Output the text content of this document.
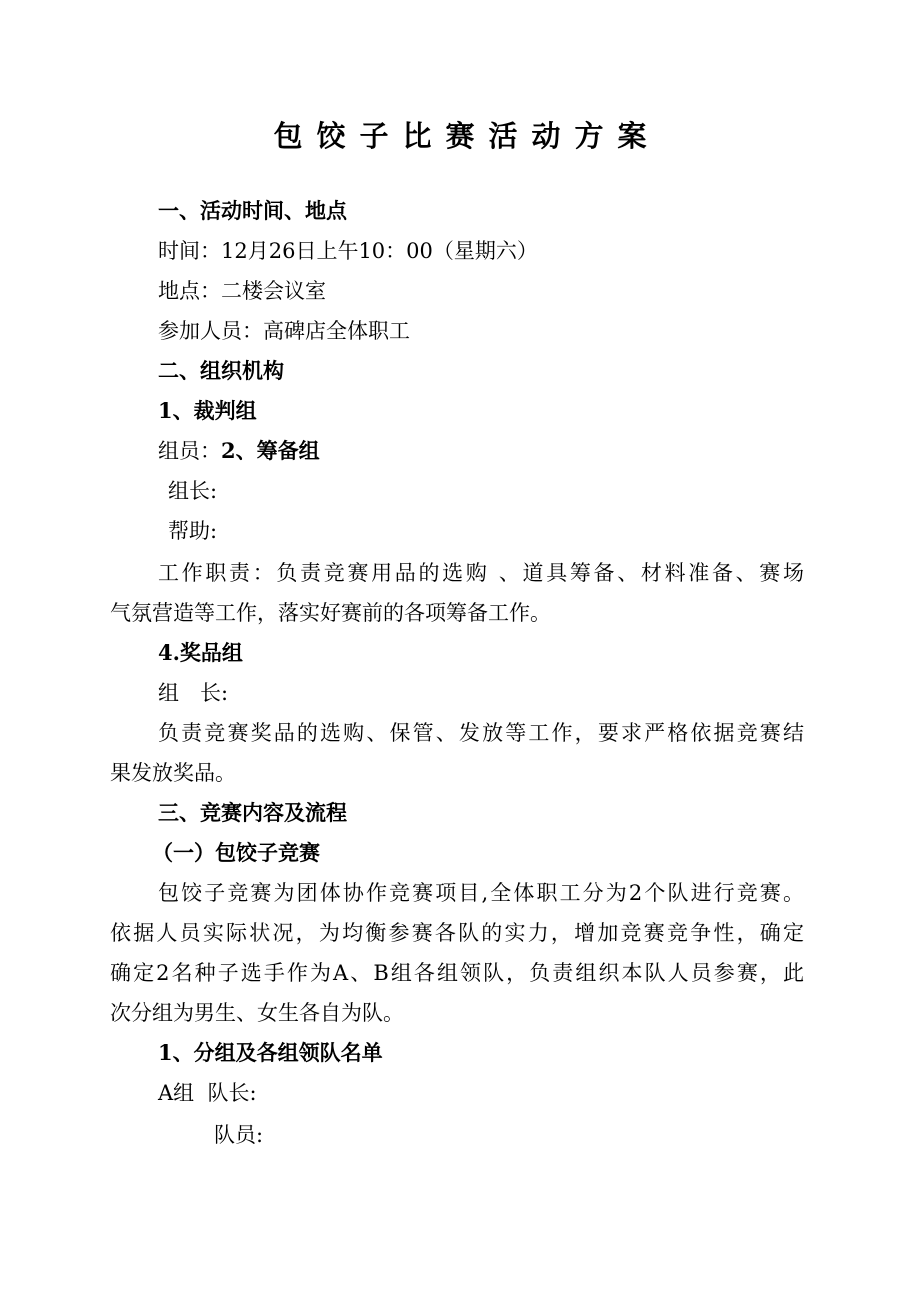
包饺子比赛活动方案
一、活动时间、地点
时间：12月26日上午10：00（星期六）
地点：二楼会议室
参加人员：高碑店全体职工
二、组织机构
1、裁判组
组员：2、筹备组
组长:
帮助:
工作职责：负责竞赛用品的选购 、道具筹备、材料准备、赛场
气氛营造等工作，落实好赛前的各项筹备工作。
4.奖品组
组　长:
负责竞赛奖品的选购、保管、发放等工作，要求严格依据竞赛结
果发放奖品。
三、竞赛内容及流程
（一）包饺子竞赛
包饺子竞赛为团体协作竞赛项目,全体职工分为2个队进行竞赛。
依据人员实际状况，为均衡参赛各队的实力，增加竞赛竞争性，确定
确定2名种子选手作为A、B组各组领队，负责组织本队人员参赛，此
次分组为男生、女生各自为队。
1、分组及各组领队名单
A组  队长:
队员:
